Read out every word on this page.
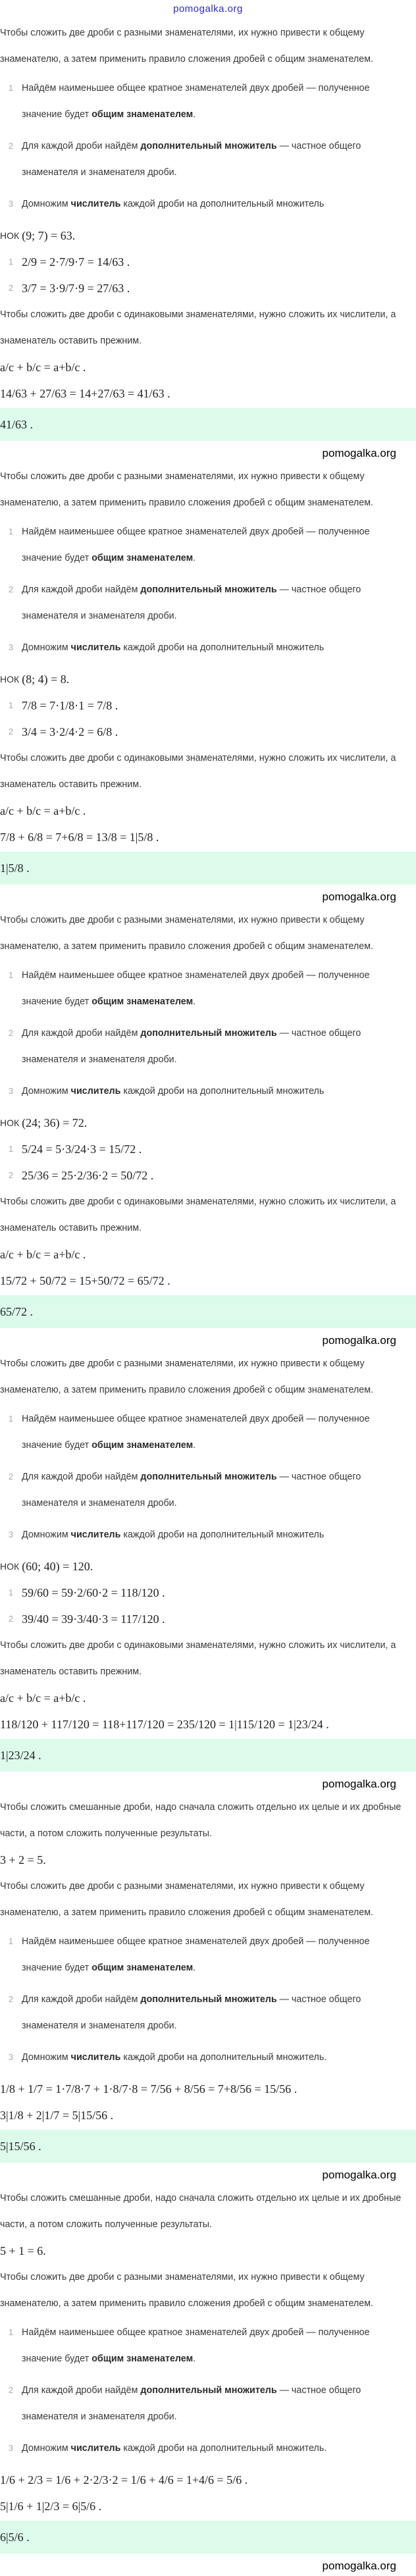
pomogalka.org

Чтобы сложить две дроби с разными знаменателями, их нужно привести к общему знаменателю, а затем применить правило сложения дробей с общим знаменателем.

1 Найдём наименьшее общее кратное знаменателей двух дробей — полученное значение будет общим знаменателем.
2 Для каждой дроби найдём дополнительный множитель — частное общего знаменателя и знаменателя дроби.
3 Домножим числитель каждой дроби на дополнительный множитель
НОК (9; 7) = 63.
1 2/9 = 2·7/9·7 = 14/63 .
2 3/7 = 3·9/7·9 = 27/63 .

Чтобы сложить две дроби с одинаковыми знаменателями, нужно сложить их числители, а знаменатель оставить прежним.

a/c + b/c = a+b/c .
14/63 + 27/63 = 14+27/63 = 41/63 .
41/63 .
pomogalka.org

Чтобы сложить две дроби с разными знаменателями, их нужно привести к общему знаменателю, а затем применить правило сложения дробей с общим знаменателем.

1 Найдём наименьшее общее кратное знаменателей двух дробей — полученное значение будет общим знаменателем.
2 Для каждой дроби найдём дополнительный множитель — частное общего знаменателя и знаменателя дроби.
3 Домножим числитель каждой дроби на дополнительный множитель
НОК (8; 4) = 8.
1 7/8 = 7·1/8·1 = 7/8 .
2 3/4 = 3·2/4·2 = 6/8 .

Чтобы сложить две дроби с одинаковыми знаменателями, нужно сложить их числители, а знаменатель оставить прежним.

a/c + b/c = a+b/c .
7/8 + 6/8 = 7+6/8 = 13/8 = 1|5/8 .
1|5/8 .
pomogalka.org

Чтобы сложить две дроби с разными знаменателями, их нужно привести к общему знаменателю, а затем применить правило сложения дробей с общим знаменателем.

1 Найдём наименьшее общее кратное знаменателей двух дробей — полученное значение будет общим знаменателем.
2 Для каждой дроби найдём дополнительный множитель — частное общего знаменателя и знаменателя дроби.
3 Домножим числитель каждой дроби на дополнительный множитель
НОК (24; 36) = 72.
1 5/24 = 5·3/24·3 = 15/72 .
2 25/36 = 25·2/36·2 = 50/72 .

Чтобы сложить две дроби с одинаковыми знаменателями, нужно сложить их числители, а знаменатель оставить прежним.

a/c + b/c = a+b/c .
15/72 + 50/72 = 15+50/72 = 65/72 .
65/72 .
pomogalka.org

Чтобы сложить две дроби с разными знаменателями, их нужно привести к общему знаменателю, а затем применить правило сложения дробей с общим знаменателем.

1 Найдём наименьшее общее кратное знаменателей двух дробей — полученное значение будет общим знаменателем.
2 Для каждой дроби найдём дополнительный множитель — частное общего знаменателя и знаменателя дроби.
3 Домножим числитель каждой дроби на дополнительный множитель
НОК (60; 40) = 120.
1 59/60 = 59·2/60·2 = 118/120 .
2 39/40 = 39·3/40·3 = 117/120 .

Чтобы сложить две дроби с одинаковыми знаменателями, нужно сложить их числители, а знаменатель оставить прежним.

a/c + b/c = a+b/c .
118/120 + 117/120 = 118+117/120 = 235/120 = 1|115/120 = 1|23/24 .
1|23/24 .
pomogalka.org

Чтобы сложить смешанные дроби, надо сначала сложить отдельно их целые и их дробные части, а потом сложить полученные результаты.

3 + 2 = 5.

Чтобы сложить две дроби с разными знаменателями, их нужно привести к общему знаменателю, а затем применить правило сложения дробей с общим знаменателем.

1 Найдём наименьшее общее кратное знаменателей двух дробей — полученное значение будет общим знаменателем.
2 Для каждой дроби найдём дополнительный множитель — частное общего знаменателя и знаменателя дроби.
3 Домножим числитель каждой дроби на дополнительный множитель.
1/8 + 1/7 = 1·7/8·7 + 1·8/7·8 = 7/56 + 8/56 = 7+8/56 = 15/56 .
3|1/8 + 2|1/7 = 5|15/56 .
5|15/56 .
pomogalka.org

Чтобы сложить смешанные дроби, надо сначала сложить отдельно их целые и их дробные части, а потом сложить полученные результаты.

5 + 1 = 6.

Чтобы сложить две дроби с разными знаменателями, их нужно привести к общему знаменателю, а затем применить правило сложения дробей с общим знаменателем.

1 Найдём наименьшее общее кратное знаменателей двух дробей — полученное значение будет общим знаменателем.
2 Для каждой дроби найдём дополнительный множитель — частное общего знаменателя и знаменателя дроби.
3 Домножим числитель каждой дроби на дополнительный множитель.
1/6 + 2/3 = 1/6 + 2·2/3·2 = 1/6 + 4/6 = 1+4/6 = 5/6 .
5|1/6 + 1|2/3 = 6|5/6 .
6|5/6 .
pomogalka.org
